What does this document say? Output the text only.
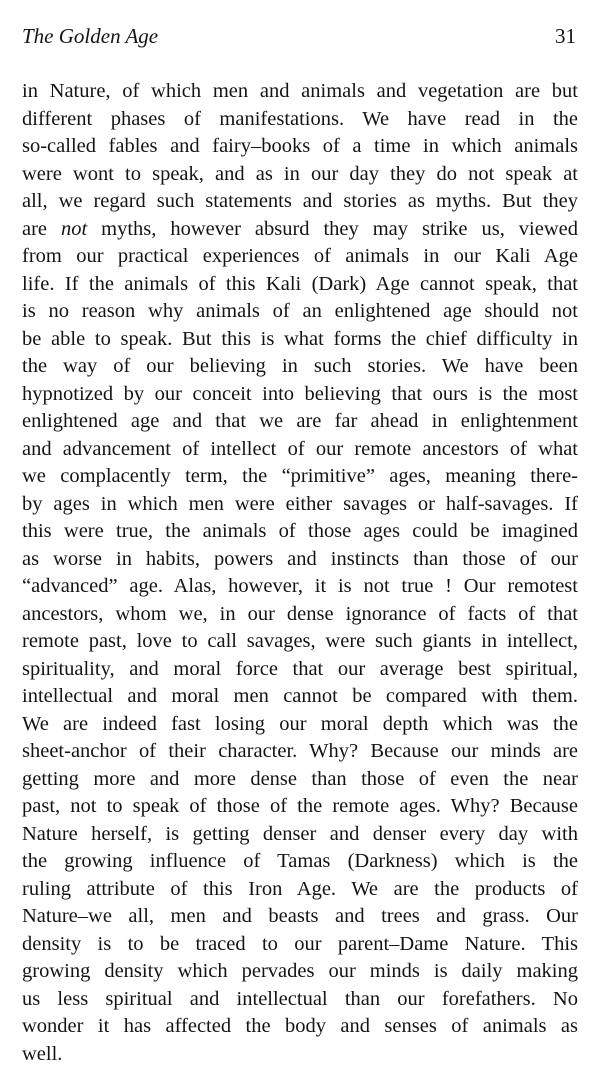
The Golden Age	31
in Nature, of which men and animals and vegetation are but
different phases of manifestations. We have read in the
so-called fables and fairy–books of a time in which animals
were wont to speak, and as in our day they do not speak at
all, we regard such statements and stories as myths. But they
are not myths, however absurd they may strike us, viewed
from our practical experiences of animals in our Kali Age
life. If the animals of this Kali (Dark) Age cannot speak, that
is no reason why animals of an enlightened age should not
be able to speak. But this is what forms the chief difficulty in
the way of our believing in such stories. We have been
hypnotized by our conceit into believing that ours is the most
enlightened age and that we are far ahead in enlightenment
and advancement of intellect of our remote ancestors of what
we complacently term, the “primitive” ages, meaning there-
by ages in which men were either savages or half-savages. If
this were true, the animals of those ages could be imagined
as worse in habits, powers and instincts than those of our
“advanced” age. Alas, however, it is not true ! Our remotest
ancestors, whom we, in our dense ignorance of facts of that
remote past, love to call savages, were such giants in intellect,
spirituality, and moral force that our average best spiritual,
intellectual and moral men cannot be compared with them.
We are indeed fast losing our moral depth which was the
sheet-anchor of their character. Why? Because our minds are
getting more and more dense than those of even the near
past, not to speak of those of the remote ages. Why? Because
Nature herself, is getting denser and denser every day with
the growing influence of Tamas (Darkness) which is the
ruling attribute of this Iron Age. We are the products of
Nature–we all, men and beasts and trees and grass. Our
density is to be traced to our parent–Dame Nature. This
growing density which pervades our minds is daily making
us less spiritual and intellectual than our forefathers. No
wonder it has affected the body and senses of animals as
well.
